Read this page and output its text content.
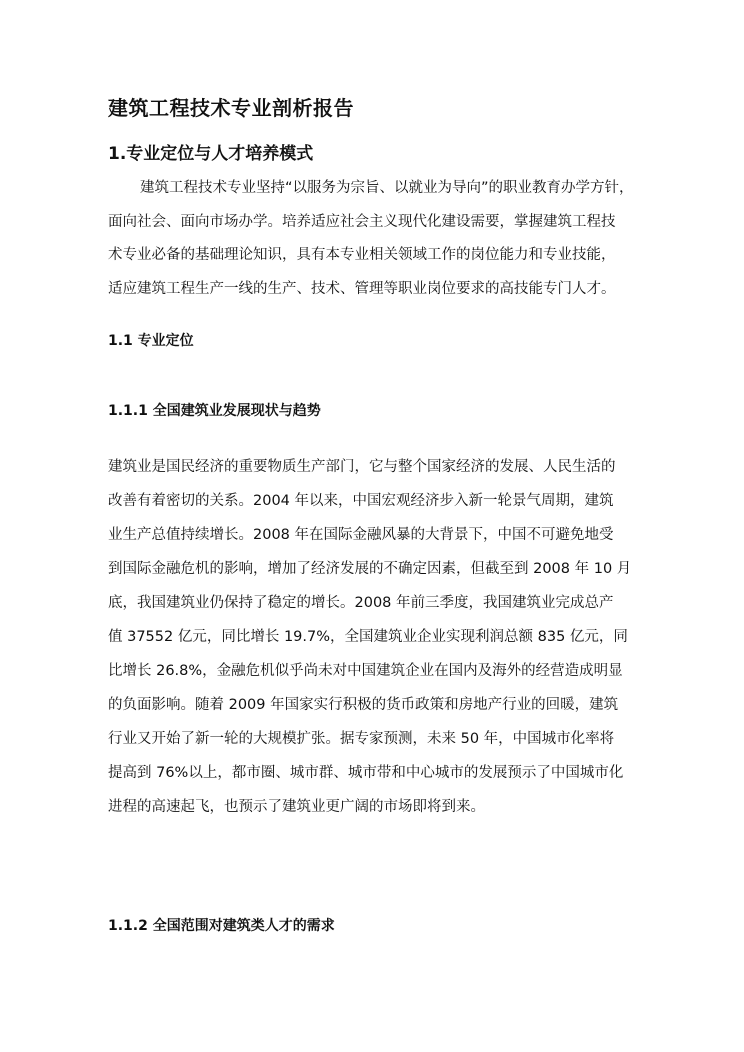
建筑工程技术专业剖析报告
1.专业定位与人才培养模式
建筑工程技术专业坚持“以服务为宗旨、以就业为导向”的职业教育办学方针，
面向社会、面向市场办学。培养适应社会主义现代化建设需要，掌握建筑工程技
术专业必备的基础理论知识，具有本专业相关领域工作的岗位能力和专业技能，
适应建筑工程生产一线的生产、技术、管理等职业岗位要求的高技能专门人才。
1.1 专业定位
1.1.1 全国建筑业发展现状与趋势
建筑业是国民经济的重要物质生产部门，它与整个国家经济的发展、人民生活的
改善有着密切的关系。2004 年以来，中国宏观经济步入新一轮景气周期，建筑
业生产总值持续增长。2008 年在国际金融风暴的大背景下，中国不可避免地受
到国际金融危机的影响，增加了经济发展的不确定因素，但截至到 2008 年 10 月
底，我国建筑业仍保持了稳定的增长。2008 年前三季度，我国建筑业完成总产
值 37552 亿元，同比增长 19.7%，全国建筑业企业实现利润总额 835 亿元，同
比增长 26.8%，金融危机似乎尚未对中国建筑企业在国内及海外的经营造成明显
的负面影响。随着 2009 年国家实行积极的货币政策和房地产行业的回暖，建筑
行业又开始了新一轮的大规模扩张。据专家预测，未来 50 年，中国城市化率将
提高到 76%以上，都市圈、城市群、城市带和中心城市的发展预示了中国城市化
进程的高速起飞，也预示了建筑业更广阔的市场即将到来。
1.1.2 全国范围对建筑类人才的需求
